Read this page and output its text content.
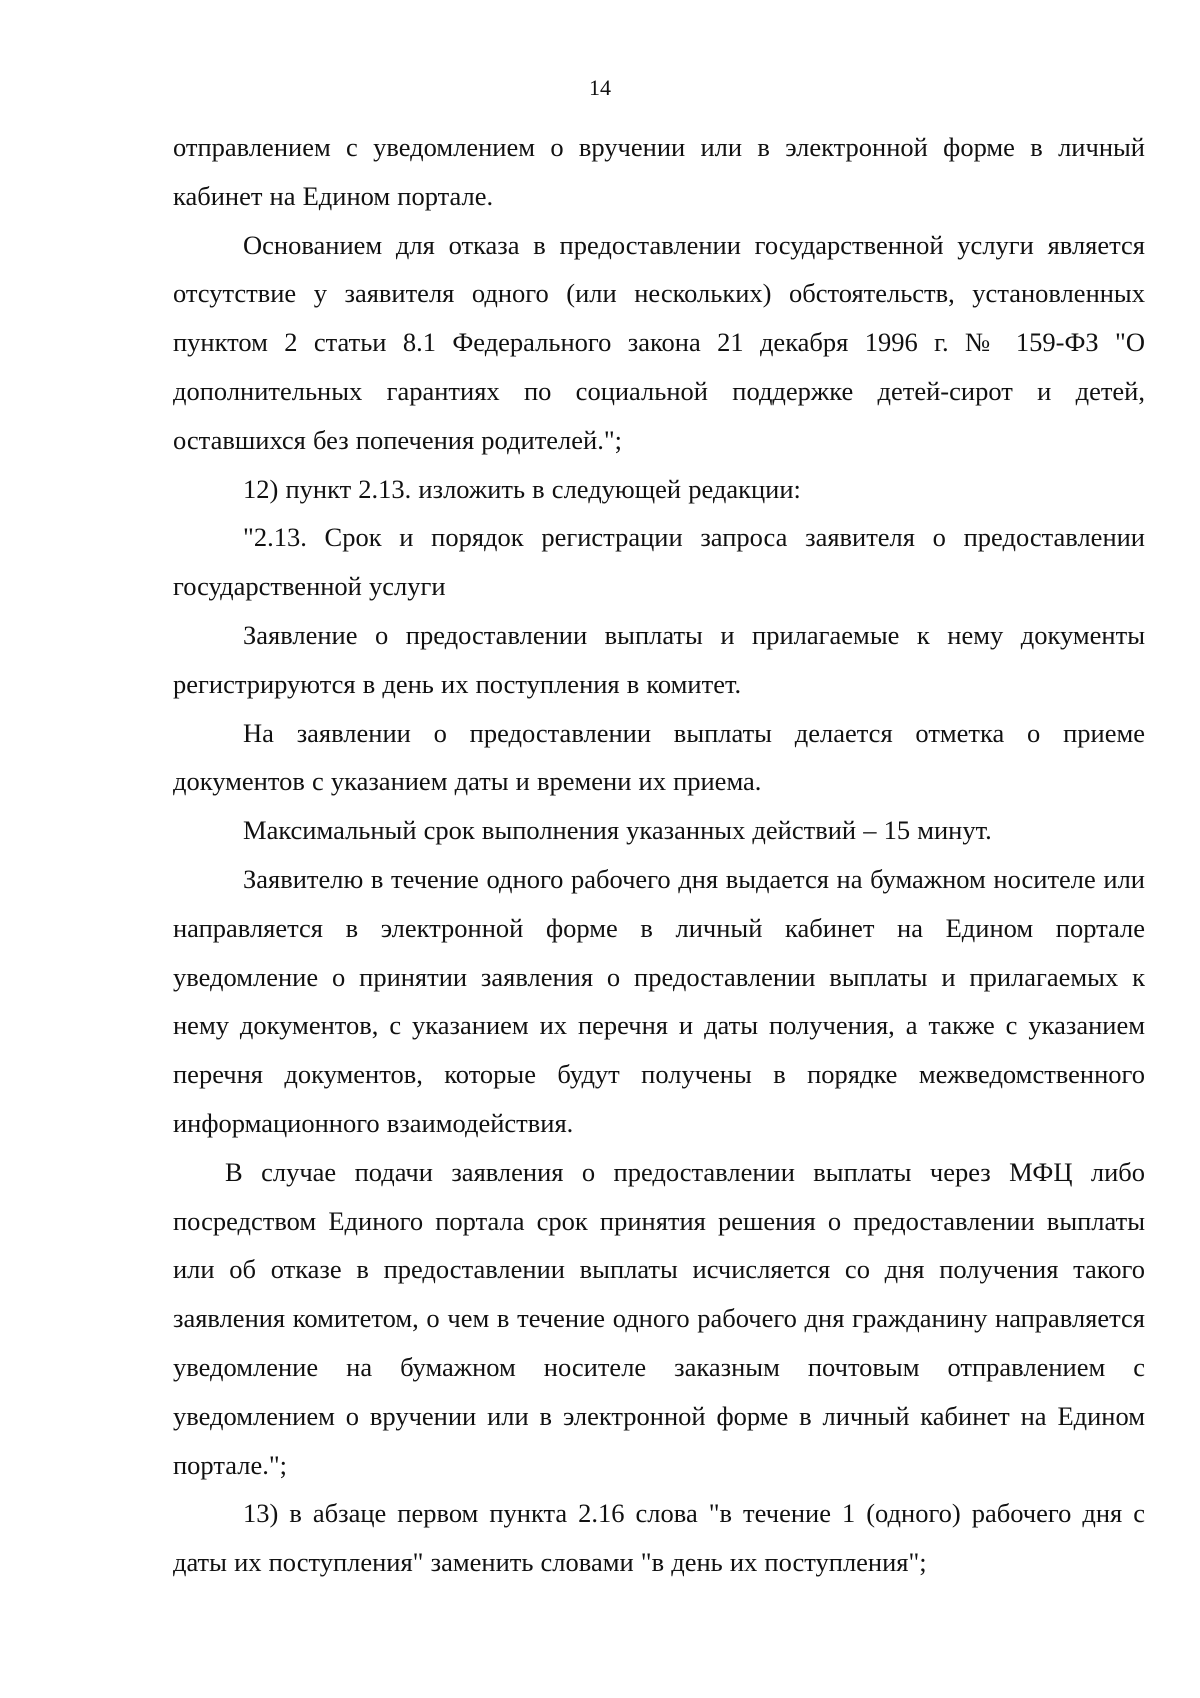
14

отправлением с уведомлением о вручении или в электронной форме в личный кабинет на Едином портале.

Основанием для отказа в предоставлении государственной услуги является отсутствие у заявителя одного (или нескольких) обстоятельств, установленных пунктом 2 статьи 8.1 Федерального закона 21 декабря 1996 г. № 159-ФЗ "О дополнительных гарантиях по социальной поддержке детей-сирот и детей, оставшихся без попечения родителей.";

12) пункт 2.13. изложить в следующей редакции:

"2.13. Срок и порядок регистрации запроса заявителя о предоставлении государственной услуги

Заявление о предоставлении выплаты и прилагаемые к нему документы регистрируются в день их поступления в комитет.

На заявлении о предоставлении выплаты делается отметка о приеме документов с указанием даты и времени их приема.

Максимальный срок выполнения указанных действий – 15 минут.

Заявителю в течение одного рабочего дня выдается на бумажном носителе или направляется в электронной форме в личный кабинет на Едином портале уведомление о принятии заявления о предоставлении выплаты и прилагаемых к нему документов, с указанием их перечня и даты получения, а также с указанием перечня документов, которые будут получены в порядке межведомственного информационного взаимодействия.

В случае подачи заявления о предоставлении выплаты через МФЦ либо посредством Единого портала срок принятия решения о предоставлении выплаты или об отказе в предоставлении выплаты исчисляется со дня получения такого заявления комитетом, о чем в течение одного рабочего дня гражданину направляется уведомление на бумажном носителе заказным почтовым отправлением с уведомлением о вручении или в электронной форме в личный кабинет на Едином портале.";

13) в абзаце первом пункта 2.16 слова "в течение 1 (одного) рабочего дня с даты их поступления" заменить словами "в день их поступления";
